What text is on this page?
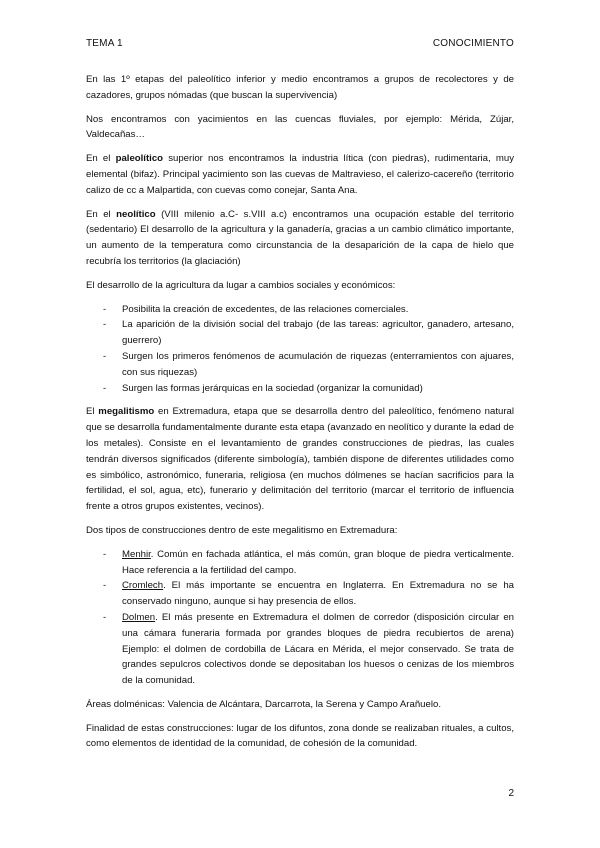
TEMA 1	CONOCIMIENTO

En las 1º etapas del paleolítico inferior y medio encontramos a grupos de recolectores y de cazadores, grupos nómadas (que buscan la supervivencia)

Nos encontramos con yacimientos en las cuencas fluviales, por ejemplo: Mérida, Zújar, Valdecañas…

En el paleolítico superior nos encontramos la industria lítica (con piedras), rudimentaria, muy elemental (bifaz). Principal yacimiento son las cuevas de Maltravieso, el calerizo-cacereño (territorio calizo de cc a Malpartida, con cuevas como conejar, Santa Ana.

En el neolítico (VIII milenio a.C- s.VIII a.c) encontramos una ocupación estable del territorio (sedentario) El desarrollo de la agricultura y la ganadería, gracias a un cambio climático importante, un aumento de la temperatura como circunstancia de la desaparición de la capa de hielo que recubría los territorios (la glaciación)

El desarrollo de la agricultura da lugar a cambios sociales y económicos:

- Posibilita la creación de excedentes, de las relaciones comerciales.
- La aparición de la división social del trabajo (de las tareas: agricultor, ganadero, artesano, guerrero)
- Surgen los primeros fenómenos de acumulación de riquezas (enterramientos con ajuares, con sus riquezas)
- Surgen las formas jerárquicas en la sociedad (organizar la comunidad)

El megalitismo en Extremadura, etapa que se desarrolla dentro del paleolítico, fenómeno natural que se desarrolla fundamentalmente durante esta etapa (avanzado en neolítico y durante la edad de los metales). Consiste en el levantamiento de grandes construcciones de piedras, las cuales tendrán diversos significados (diferente simbología), también dispone de diferentes utilidades como es simbólico, astronómico, funeraria, religiosa (en muchos dólmenes se hacían sacrificios para la fertilidad, el sol, agua, etc), funerario y delimitación del territorio (marcar el territorio de influencia frente a otros grupos existentes, vecinos).

Dos tipos de construcciones dentro de este megalitismo en Extremadura:

- Menhir. Común en fachada atlántica, el más común, gran bloque de piedra verticalmente. Hace referencia a la fertilidad del campo.
- Cromlech. El más importante se encuentra en Inglaterra. En Extremadura no se ha conservado ninguno, aunque si hay presencia de ellos.
- Dolmen. El más presente en Extremadura el dolmen de corredor (disposición circular en una cámara funeraria formada por grandes bloques de piedra recubiertos de arena) Ejemplo: el dolmen de cordobilla de Lácara en Mérida, el mejor conservado. Se trata de grandes sepulcros colectivos donde se depositaban los huesos o cenizas de los miembros de la comunidad.

Áreas dolménicas: Valencia de Alcántara, Darcarrota, la Serena y Campo Arañuelo.

Finalidad de estas construcciones: lugar de los difuntos, zona donde se realizaban rituales, a cultos, como elementos de identidad de la comunidad, de cohesión de la comunidad.

2
